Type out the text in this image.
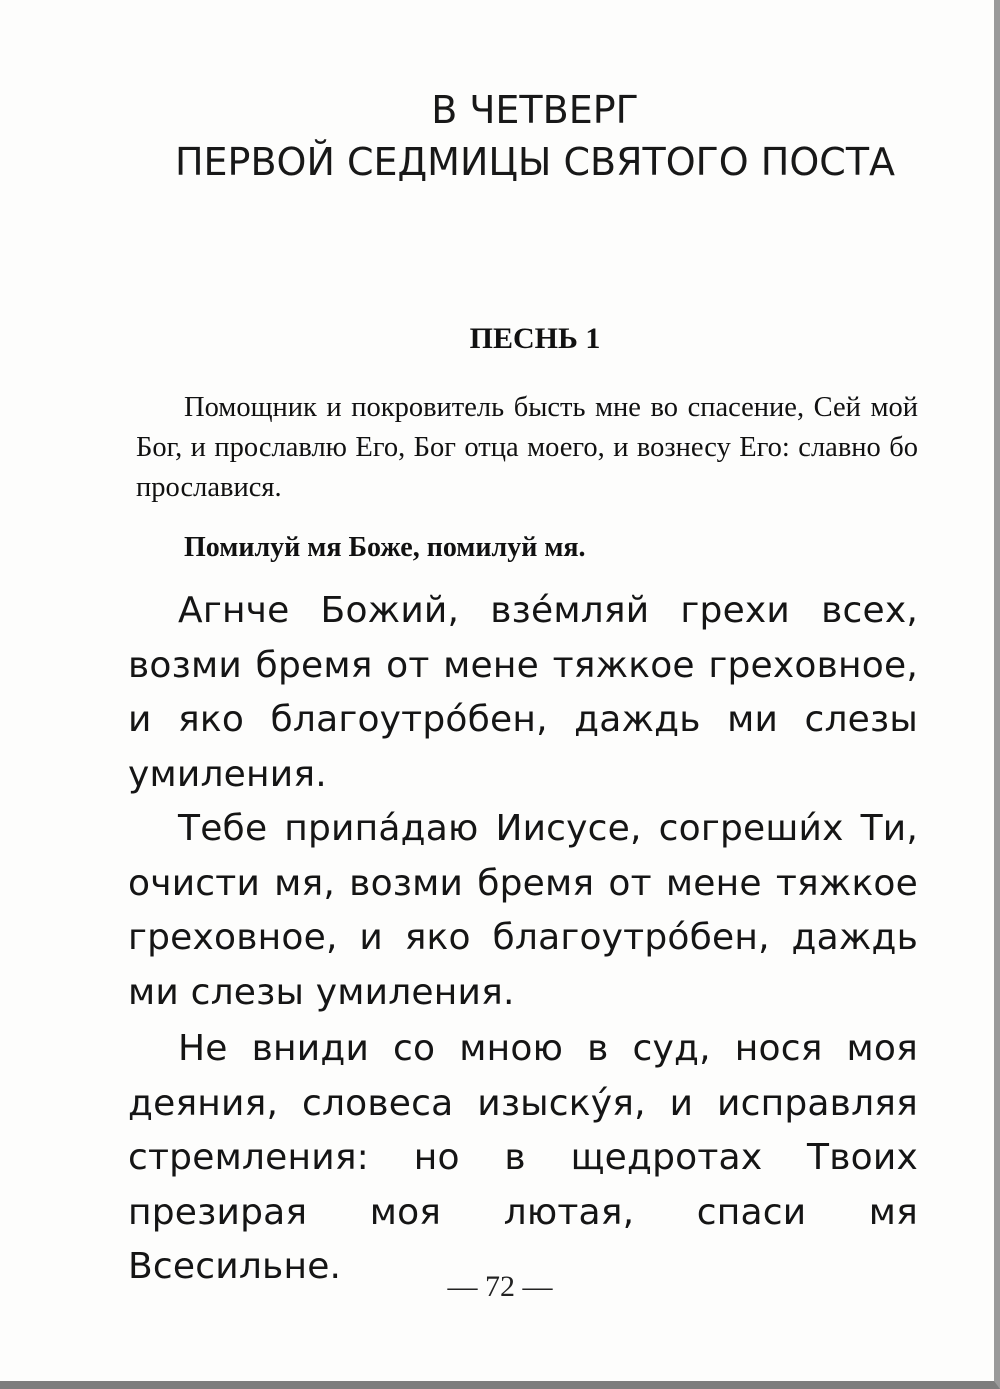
В ЧЕТВЕРГ
ПЕРВОЙ СЕДМИЦЫ СВЯТОГО ПОСТА
ПЕСНЬ 1
Помощник и покровитель бысть мне во спасение, Сей мой Бог, и прославлю Его, Бог отца моего, и вознесу Его: славно бо прославися.
Помилуй мя Боже, помилуй мя.
Агнче Божий, взе́мляй грехи всех, возми бремя от мене тяжкое греховное, и яко благоутро́бен, даждь ми слезы умиления.
Тебе припа́даю Иисусе, согреши́х Ти, очисти мя, возми бремя от мене тяжкое греховное, и яко благоутро́бен, даждь ми слезы умиления.
Не вниди со мною в суд, нося моя деяния, словеса изыску́я, и исправляя стремления: но в щедротах Твоих презирая моя лютая, спаси мя Всесильне.	— 72 —
